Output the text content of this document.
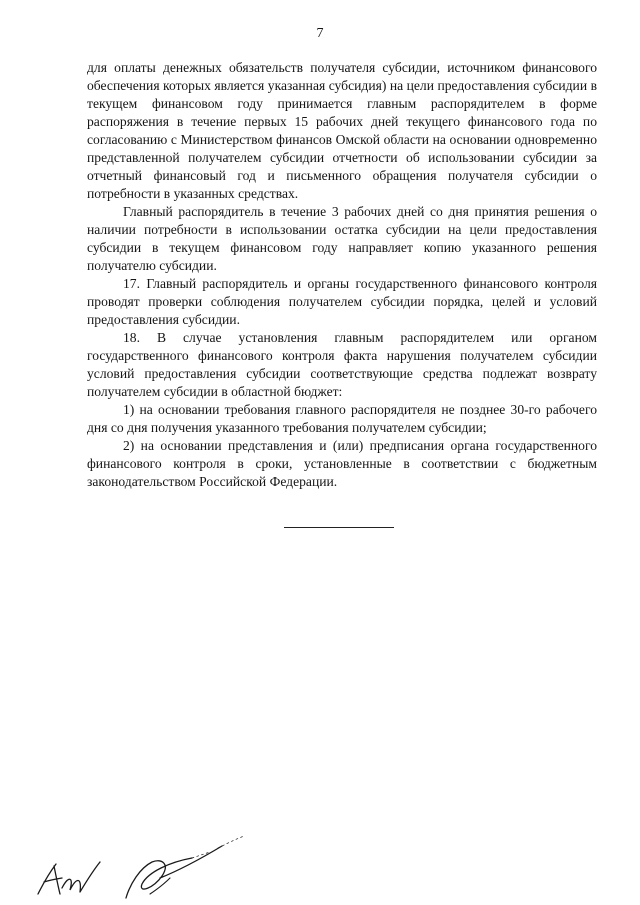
7

для оплаты денежных обязательств получателя субсидии, источником финансового обеспечения которых является указанная субсидия) на цели предоставления субсидии в текущем финансовом году принимается главным распорядителем в форме распоряжения в течение первых 15 рабочих дней текущего финансового года по согласованию с Министерством финансов Омской области на основании одновременно представленной получателем субсидии отчетности об использовании субсидии за отчетный финансовый год и письменного обращения получателя субсидии о потребности в указанных средствах.

Главный распорядитель в течение 3 рабочих дней со дня принятия решения о наличии потребности в использовании остатка субсидии на цели предоставления субсидии в текущем финансовом году направляет копию указанного решения получателю субсидии.

17. Главный распорядитель и органы государственного финансового контроля проводят проверки соблюдения получателем субсидии порядка, целей и условий предоставления субсидии.

18. В случае установления главным распорядителем или органом государственного финансового контроля факта нарушения получателем субсидии условий предоставления субсидии соответствующие средства подлежат возврату получателем субсидии в областной бюджет:

1) на основании требования главного распорядителя не позднее 30-го рабочего дня со дня получения указанного требования получателем субсидии;

2) на основании представления и (или) предписания органа государственного финансового контроля в сроки, установленные в соответствии с бюджетным законодательством Российской Федерации.
